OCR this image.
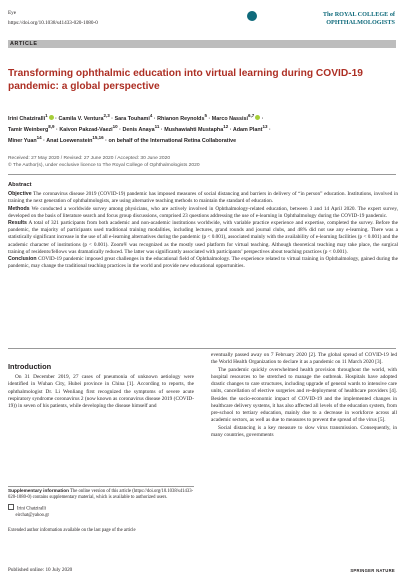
Eye
https://doi.org/10.1038/s41433-020-1080-0
The ROYAL COLLEGE of
OPHTHALMOLOGISTS
ARTICLE
Transforming ophthalmic education into virtual learning during COVID-19 pandemic: a global perspective
Irini Chatziralli$^1$ · Camila V. Ventura$^{2,3}$ · Sara Touhami$^4$ · Rhianon Reynolds$^5$ · Marco Nassisi$^{6,7}$ ·
Tamir Weinberg$^{8,9}$ · Kaivon Pakzad-Vaezi$^{10}$ · Denis Anaya$^{11}$ · Mushawiahti Mustapha$^{12}$ · Adam Plant$^{13}$ ·
Miner Yuan$^{14}$ · Anat Loewenstein$^{15,16}$ · on behalf of the International Retina Collaborative
Received: 27 May 2020 / Revised: 27 June 2020 / Accepted: 30 June 2020
© The Author(s), under exclusive licence to The Royal College of Ophthalmologists 2020
Abstract

Objective The coronavirus disease 2019 (COVID-19) pandemic has imposed measures of social distancing and barriers in delivery of “in person” education. Institutions, involved in training the next generation of ophthalmologists, are using alternative teaching methods to maintain the standard of education.

Methods We conducted a worldwide survey among physicians, who are actively involved in Ophthalmology-related education, between 3 and 14 April 2020. The expert survey, developed on the basis of literature search and focus group discussions, comprised 23 questions addressing the use of e-learning in Ophthalmology during the COVID-19 pandemic.

Results A total of 321 participants from both academic and non-academic institutions worldwide, with variable practice experience and expertise, completed the survey. Before the pandemic, the majority of participants used traditional training modalities, including lectures, grand rounds and journal clubs, and 48% did not use any e-learning. There was a statistically significant increase in the use of all e-learning alternatives during the pandemic (p < 0.001), associated mainly with the availability of e-learning facilities (p < 0.001) and the academic character of institutions (p < 0.001). Zoom® was recognized as the mostly used platform for virtual teaching. Although theoretical teaching may take place, the surgical training of residents/fellows was dramatically reduced. The latter was significantly associated with participants’ perspectives about teaching practices (p < 0.001).

Conclusion COVID-19 pandemic imposed great challenges in the educational field of Ophthalmology. The experience related to virtual training in Ophthalmology, gained during the pandemic, may change the traditional teaching practices in the world and provide new educational opportunities.

Introduction

On 31 December 2019, 27 cases of pneumonia of unknown aetiology were identified in Wuhan City, Hubei province in China [1]. According to reports, the ophthalmologist Dr. Li Wenliang first recognized the symptoms of severe acute respiratory syndrome coronavirus 2 (now known as coronavirus disease 2019 (COVID-19)) in seven of his patients, while developing the disease himself and

eventually passed away on 7 February 2020 [2]. The global spread of COVID-19 led the World Health Organization to declare it as a pandemic on 11 March 2020 [3].

The pandemic quickly overwhelmed health provision throughout the world, with hospital resources to be stretched to manage the outbreak. Hospitals have adopted drastic changes to care structures, including upgrade of general wards to intensive care units, cancellation of elective surgeries and re-deployment of healthcare providers [4]. Besides the socio-economic impact of COVID-19 and the implemented changes in healthcare delivery systems, it has also affected all levels of the education system, from pre-school to tertiary education, mainly due to a decrease in workforce across all academic sectors, as well as due to measures to prevent the spread of the virus [5].

Social distancing is a key measure to slow virus transmission. Consequently, in many countries, governments

Supplementary information The online version of this article (https://doi.org/10.1038/s41433-020-1080-0) contains supplementary material, which is available to authorized users.
Irini Chatziralli
eirchat@yahoo.gr
Extended author information available on the last page of the article
Published online: 10 July 2020	SPRINGER NATURE
